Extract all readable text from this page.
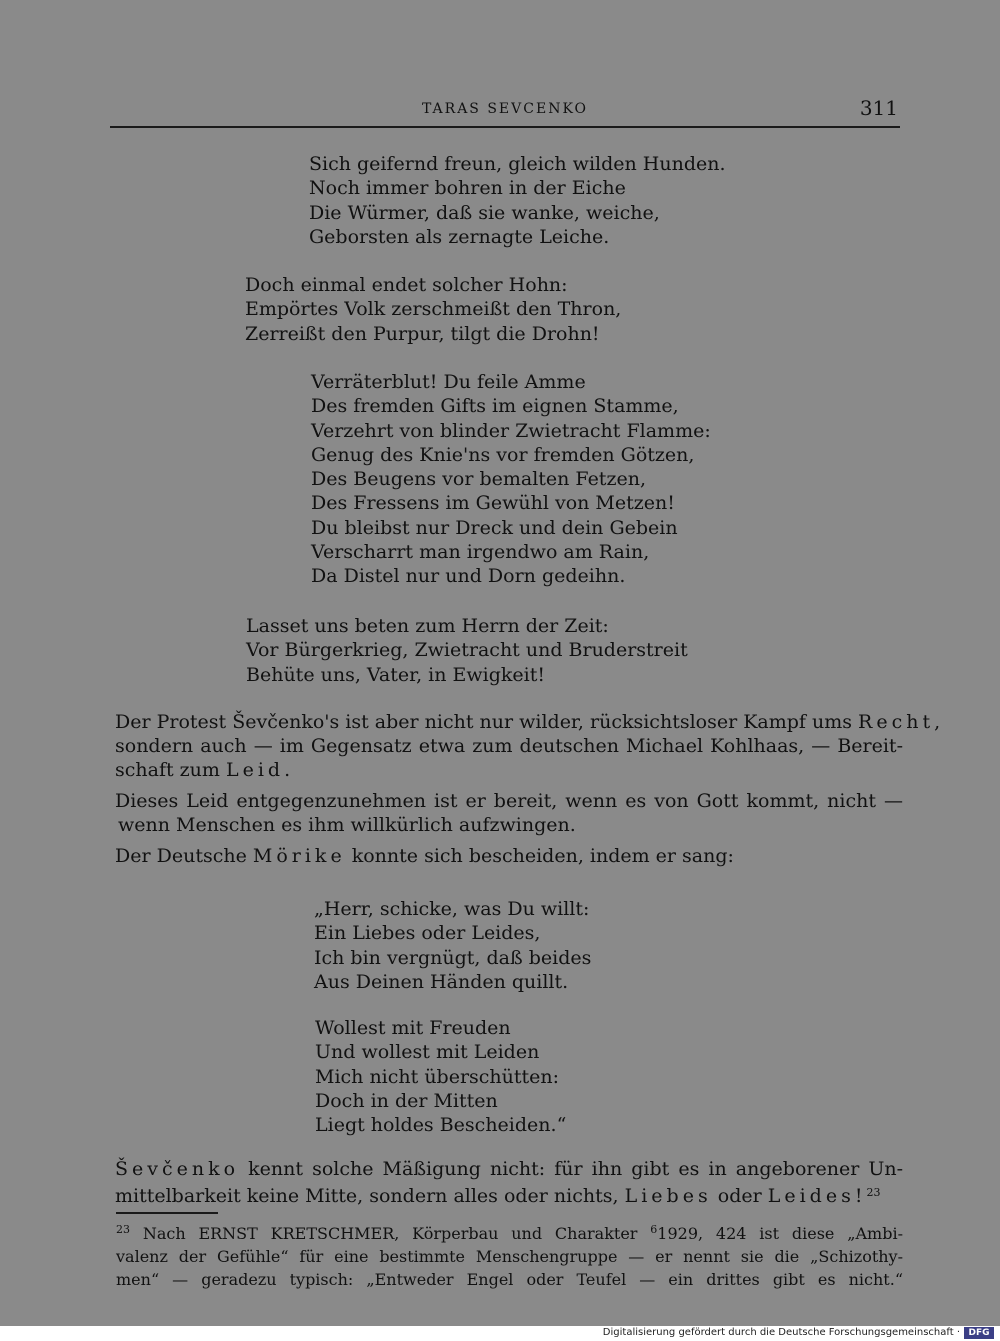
TARAS SEVCENKO	311
Sich geifernd freun, gleich wilden Hunden.
Noch immer bohren in der Eiche
Die Würmer, daß sie wanke, weiche,
Geborsten als zernagte Leiche.
Doch einmal endet solcher Hohn:
Empörtes Volk zerschmeißt den Thron,
Zerreißt den Purpur, tilgt die Drohn!
Verräterblut! Du feile Amme
Des fremden Gifts im eignen Stamme,
Verzehrt von blinder Zwietracht Flamme:
Genug des Knie'ns vor fremden Götzen,
Des Beugens vor bemalten Fetzen,
Des Fressens im Gewühl von Metzen!
Du bleibst nur Dreck und dein Gebein
Verscharrt man irgendwo am Rain,
Da Distel nur und Dorn gedeihn.
Lasset uns beten zum Herrn der Zeit:
Vor Bürgerkrieg, Zwietracht und Bruderstreit
Behüte uns, Vater, in Ewigkeit!
Der Protest Ševčenko's ist aber nicht nur wilder, rücksichtsloser Kampf ums Recht,
sondern auch — im Gegensatz etwa zum deutschen Michael Kohlhaas, — Bereit-
schaft zum Leid.
Dieses Leid entgegenzunehmen ist er bereit, wenn es von Gott kommt, nicht —
wenn Menschen es ihm willkürlich aufzwingen.
Der Deutsche Mörike konnte sich bescheiden, indem er sang:
„Herr, schicke, was Du willt:
Ein Liebes oder Leides,
Ich bin vergnügt, daß beides
Aus Deinen Händen quillt.
Wollest mit Freuden
Und wollest mit Leiden
Mich nicht überschütten:
Doch in der Mitten
Liegt holdes Bescheiden.“
Ševčenko kennt solche Mäßigung nicht: für ihn gibt es in angeborener Un-
mittelbarkeit keine Mitte, sondern alles oder nichts, Liebes oder Leides!$^{23}$
$^{23}$ Nach ERNST KRETSCHMER, Körperbau und Charakter $^6$1929, 424 ist diese „Ambi-
valenz der Gefühle“ für eine bestimmte Menschengruppe — er nennt sie die „Schizothy-
men“ — geradezu typisch: „Entweder Engel oder Teufel — ein drittes gibt es nicht.“
Digitalisierung gefördert durch die Deutsche Forschungsgemeinschaft · DFG
